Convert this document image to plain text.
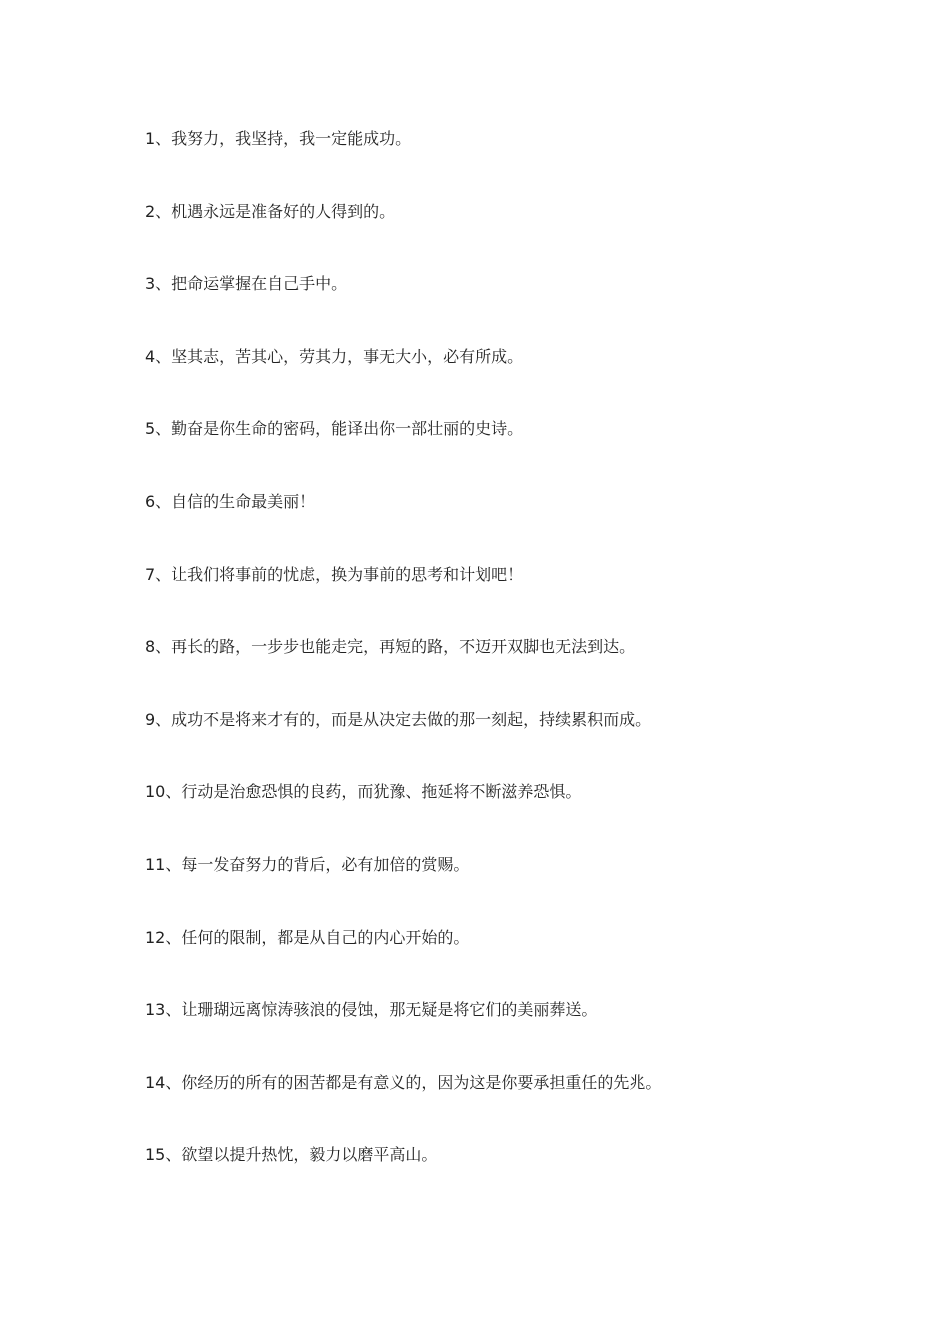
1、我努力，我坚持，我一定能成功。
2、机遇永远是准备好的人得到的。
3、把命运掌握在自己手中。
4、坚其志，苦其心，劳其力，事无大小，必有所成。
5、勤奋是你生命的密码，能译出你一部壮丽的史诗。
6、自信的生命最美丽！
7、让我们将事前的忧虑，换为事前的思考和计划吧！
8、再长的路，一步步也能走完，再短的路，不迈开双脚也无法到达。
9、成功不是将来才有的，而是从决定去做的那一刻起，持续累积而成。
10、行动是治愈恐惧的良药，而犹豫、拖延将不断滋养恐惧。
11、每一发奋努力的背后，必有加倍的赏赐。
12、任何的限制，都是从自己的内心开始的。
13、让珊瑚远离惊涛骇浪的侵蚀，那无疑是将它们的美丽葬送。
14、你经历的所有的困苦都是有意义的，因为这是你要承担重任的先兆。
15、欲望以提升热忱，毅力以磨平高山。
